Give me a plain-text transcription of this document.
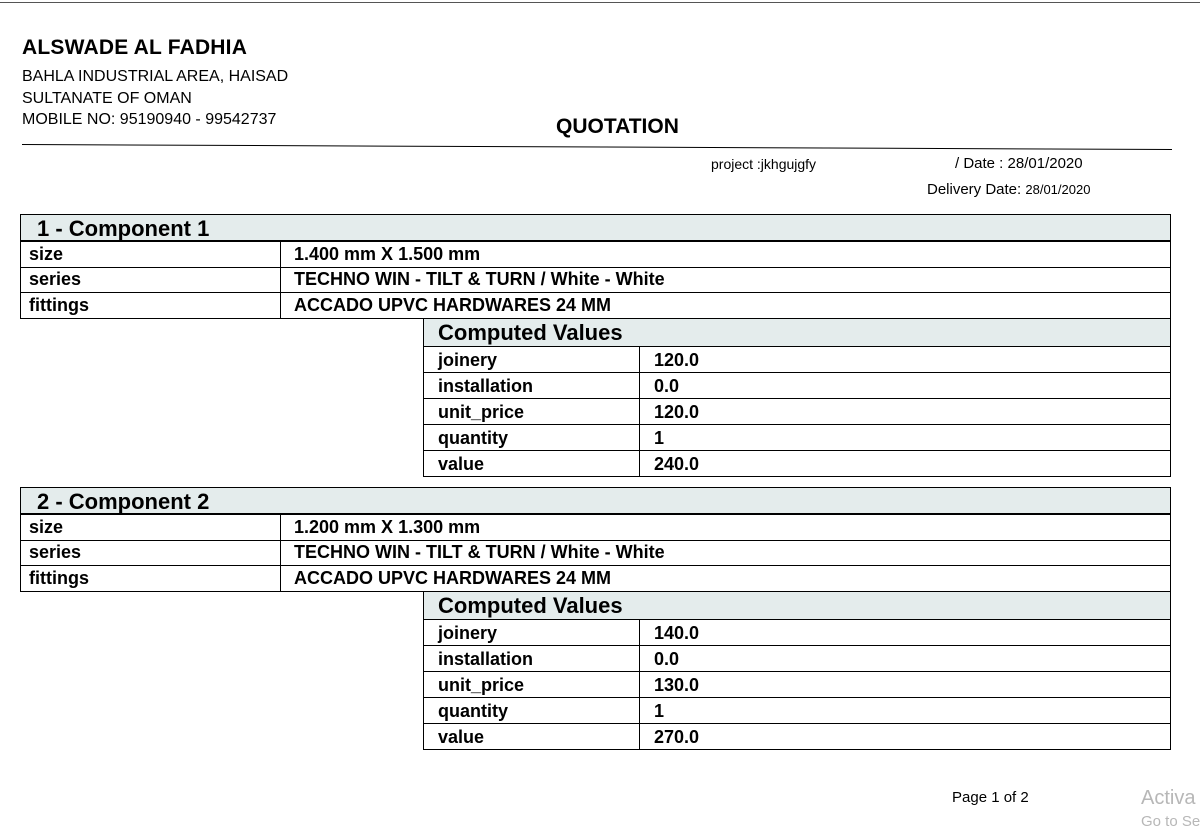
ALSWADE AL FADHIA
BAHLA INDUSTRIAL AREA, HAISAD
SULTANATE OF OMAN
MOBILE NO: 95190940 - 99542737	QUOTATION
project :jkhgujgfy	/ Date : 28/01/2020
Delivery Date: 28/01/2020
1 - Component 1
size	1.400 mm X 1.500 mm
series	TECHNO WIN - TILT & TURN / White - White
fittings	ACCADO UPVC HARDWARES 24 MM
Computed Values
joinery	120.0
installation	0.0
unit_price	120.0
quantity	1
value	240.0
2 - Component 2
size	1.200 mm X 1.300 mm
series	TECHNO WIN - TILT & TURN / White - White
fittings	ACCADO UPVC HARDWARES 24 MM
Computed Values
joinery	140.0
installation	0.0
unit_price	130.0
quantity	1
value	270.0
Page 1 of 2	Activa
Go to Se
